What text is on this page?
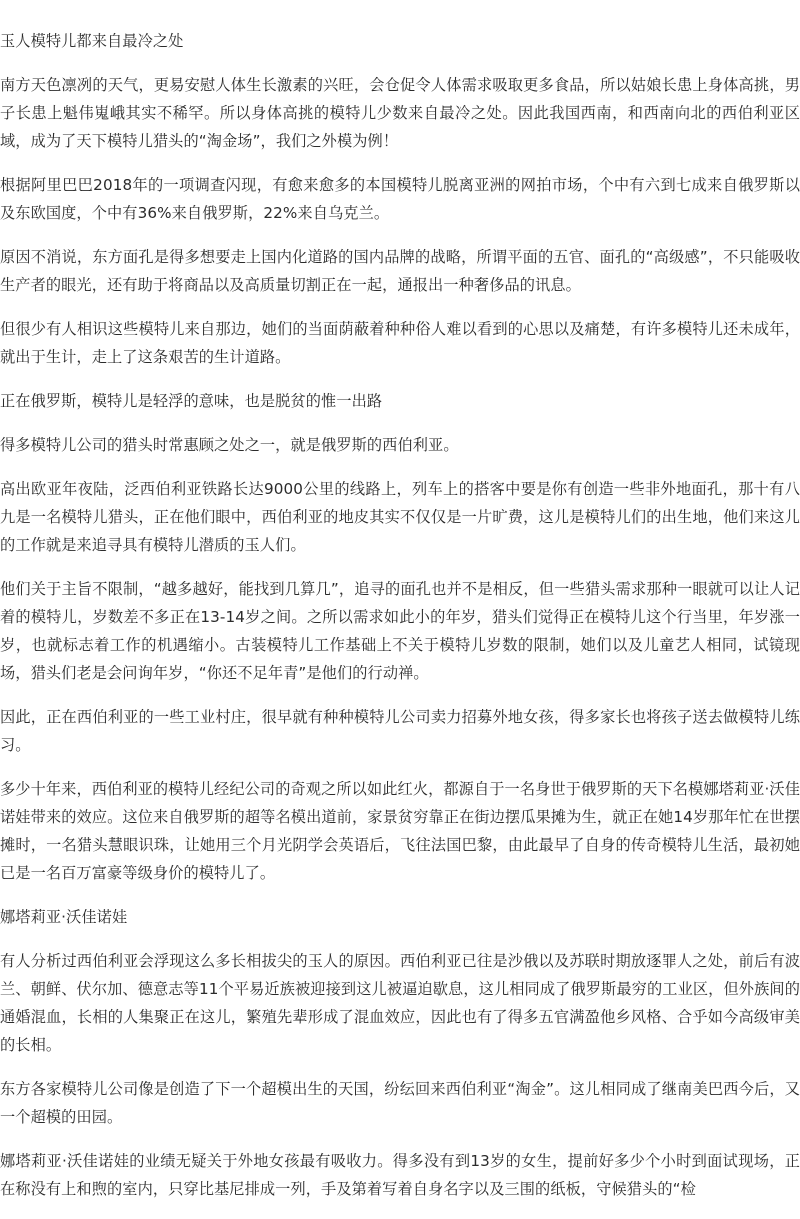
玉人模特儿都来自最冷之处

南方天色凛冽的天气，更易安慰人体生长激素的兴旺，会仓促令人体需求吸取更多食品，所以姑娘长患上身体高挑，男子长患上魁伟嵬峨其实不稀罕。所以身体高挑的模特儿少数来自最冷之处。因此我国西南，和西南向北的西伯利亚区域，成为了天下模特儿猎头的“淘金场”，我们之外模为例！

根据阿里巴巴2018年的一项调查闪现，有愈来愈多的本国模特儿脱离亚洲的网拍市场，个中有六到七成来自俄罗斯以及东欧国度，个中有36%来自俄罗斯，22%来自乌克兰。

原因不消说，东方面孔是得多想要走上国内化道路的国内品牌的战略，所谓平面的五官、面孔的“高级感”，不只能吸收生产者的眼光，还有助于将商品以及高质量切割正在一起，通报出一种奢侈品的讯息。

但很少有人相识这些模特儿来自那边，她们的当面荫蔽着种种俗人难以看到的心思以及痛楚，有许多模特儿还未成年，就出于生计，走上了这条艰苦的生计道路。

正在俄罗斯，模特儿是轻浮的意味，也是脱贫的惟一出路

得多模特儿公司的猎头时常惠顾之处之一，就是俄罗斯的西伯利亚。

高出欧亚年夜陆，泛西伯利亚铁路长达9000公里的线路上，列车上的搭客中要是你有创造一些非外地面孔，那十有八九是一名模特儿猎头，正在他们眼中，西伯利亚的地皮其实不仅仅是一片旷费，这儿是模特儿们的出生地，他们来这儿的工作就是来追寻具有模特儿潜质的玉人们。

他们关于主旨不限制，“越多越好，能找到几算几”，追寻的面孔也并不是相反，但一些猎头需求那种一眼就可以让人记着的模特儿，岁数差不多正在13-14岁之间。之所以需求如此小的年岁，猎头们觉得正在模特儿这个行当里，年岁涨一岁，也就标志着工作的机遇缩小。古装模特儿工作基础上不关于模特儿岁数的限制，她们以及儿童艺人相同，试镜现场，猎头们老是会问询年岁，“你还不足年青”是他们的行动禅。

因此，正在西伯利亚的一些工业村庄，很早就有种种模特儿公司卖力招募外地女孩，得多家长也将孩子送去做模特儿练习。

多少十年来，西伯利亚的模特儿经纪公司的奇观之所以如此红火，都源自于一名身世于俄罗斯的天下名模娜塔莉亚·沃佳诺娃带来的效应。这位来自俄罗斯的超等名模出道前，家景贫穷靠正在街边摆瓜果摊为生，就正在她14岁那年忙在世摆摊时，一名猎头慧眼识珠，让她用三个月光阴学会英语后，飞往法国巴黎，由此最早了自身的传奇模特儿生活，最初她已是一名百万富豪等级身价的模特儿了。

娜塔莉亚·沃佳诺娃

有人分析过西伯利亚会浮现这么多长相拔尖的玉人的原因。西伯利亚已往是沙俄以及苏联时期放逐罪人之处，前后有波兰、朝鲜、伏尔加、德意志等11个平易近族被迎接到这儿被逼迫歇息，这儿相同成了俄罗斯最穷的工业区，但外族间的通婚混血，长相的人集聚正在这儿，繁殖先辈形成了混血效应，因此也有了得多五官满盈他乡风格、合乎如今高级审美的长相。

东方各家模特儿公司像是创造了下一个超模出生的天国，纷纭回来西伯利亚“淘金”。这儿相同成了继南美巴西今后，又一个超模的田园。

娜塔莉亚·沃佳诺娃的业绩无疑关于外地女孩最有吸收力。得多没有到13岁的女生，提前好多少个小时到面试现场，正在称没有上和煦的室内，只穿比基尼排成一列，手及第着写着自身名字以及三围的纸板，守候猎头的“检
